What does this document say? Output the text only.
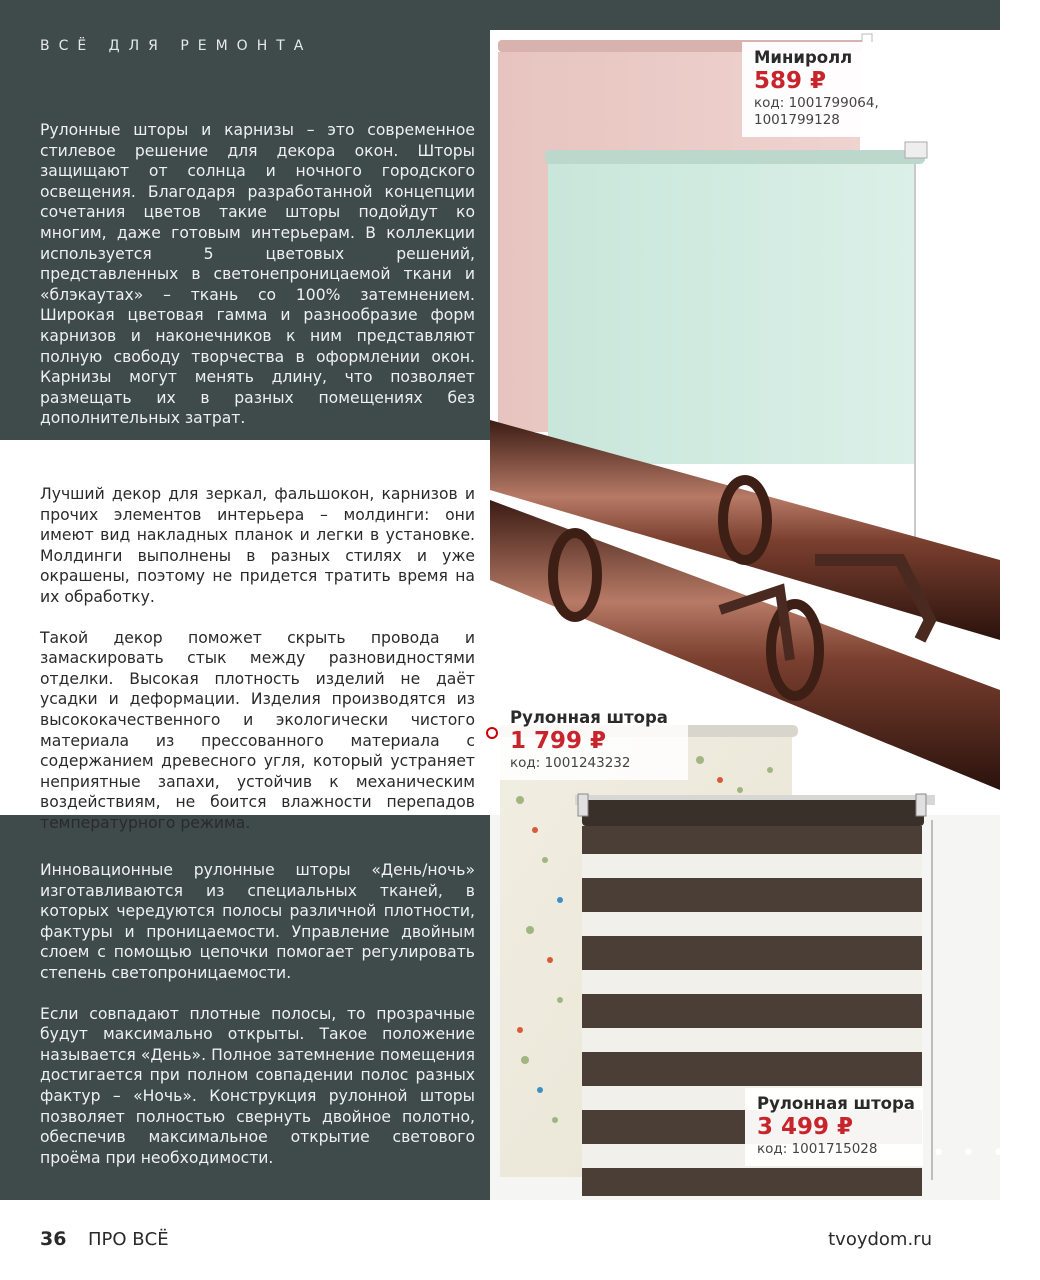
ВСЁ ДЛЯ РЕМОНТА

Рулонные шторы и карнизы – это современное стилевое решение для декора окон. Шторы защищают от солнца и ночного городского освещения. Благодаря разработанной концепции сочетания цветов такие шторы подойдут ко многим, даже готовым интерьерам. В коллекции используется 5 цветовых решений, представленных в светонепроницаемой ткани и «блэкаутах» – ткань со 100% затемнением. Широкая цветовая гамма и разнообразие форм карнизов и наконечников к ним представляют полную свободу творчества в оформлении окон. Карнизы могут менять длину, что позволяет размещать их в разных помещениях без дополнительных затрат.

Лучший декор для зеркал, фальшокон, карнизов и прочих элементов интерьера – молдинги: они имеют вид накладных планок и легки в установке. Молдинги выполнены в разных стилях и уже окрашены, поэтому не придется тратить время на их обработку.

Такой декор поможет скрыть провода и замаскировать стык между разновидностями отделки. Высокая плотность изделий не даёт усадки и деформации. Изделия производятся из высококачественного и экологически чистого материала из прессованного материала с содержанием древесного угля, который устраняет неприятные запахи, устойчив к механическим воздействиям, не боится влажности перепадов температурного режима.

Инновационные рулонные шторы «День/ночь» изготавливаются из специальных тканей, в которых чередуются полосы различной плотности, фактуры и проницаемости. Управление двойным слоем с помощью цепочки помогает регулировать степень светопроницаемости.

Если совпадают плотные полосы, то прозрачные будут максимально открыты. Такое положение называется «День». Полное затемнение помещения достигается при полном совпадении полос разных фактур – «Ночь». Конструкция рулонной шторы позволяет полностью свернуть двойное полотно, обеспечив максимальное открытие светового проёма при необходимости.

Миниролл
589 ₽
код: 1001799064,
1001799128
Рулонная штора
1 799 ₽
код: 1001243232
Рулонная штора
3 499 ₽
код: 1001715028	• • • •
36 ПРО ВСЁ	tvoydom.ru
